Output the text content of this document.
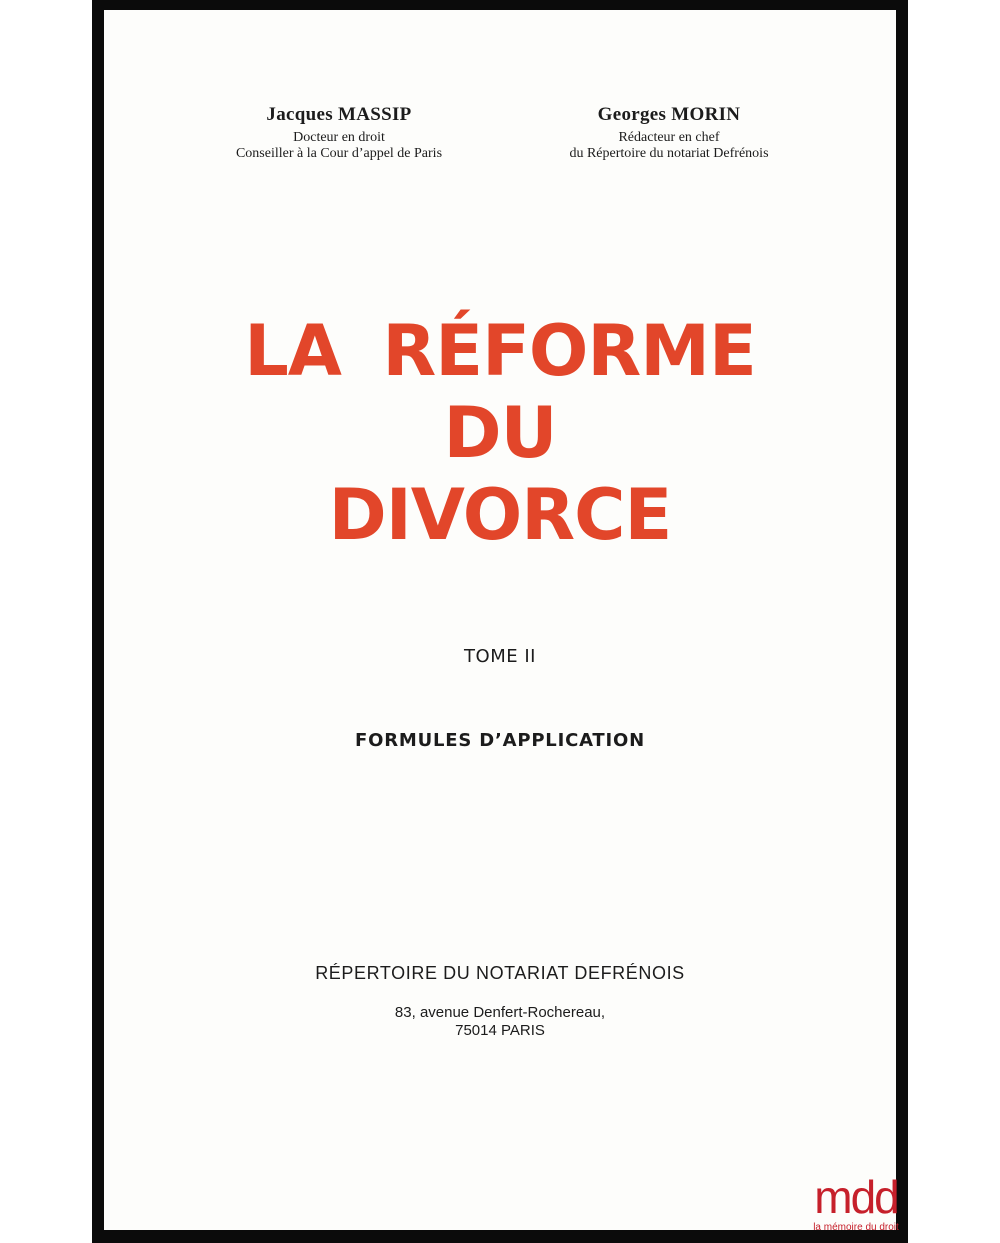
Jacques MASSIP
Docteur en droit
Conseiller à la Cour d’appel de Paris
Georges MORIN
Rédacteur en chef
du Répertoire du notariat Defrénois
LA RÉFORME
DU
DIVORCE
TOME II
FORMULES D’APPLICATION
RÉPERTOIRE DU NOTARIAT DEFRÉNOIS
83, avenue Denfert-Rochereau,
75014 PARIS
mdd
la mémoire du droit
